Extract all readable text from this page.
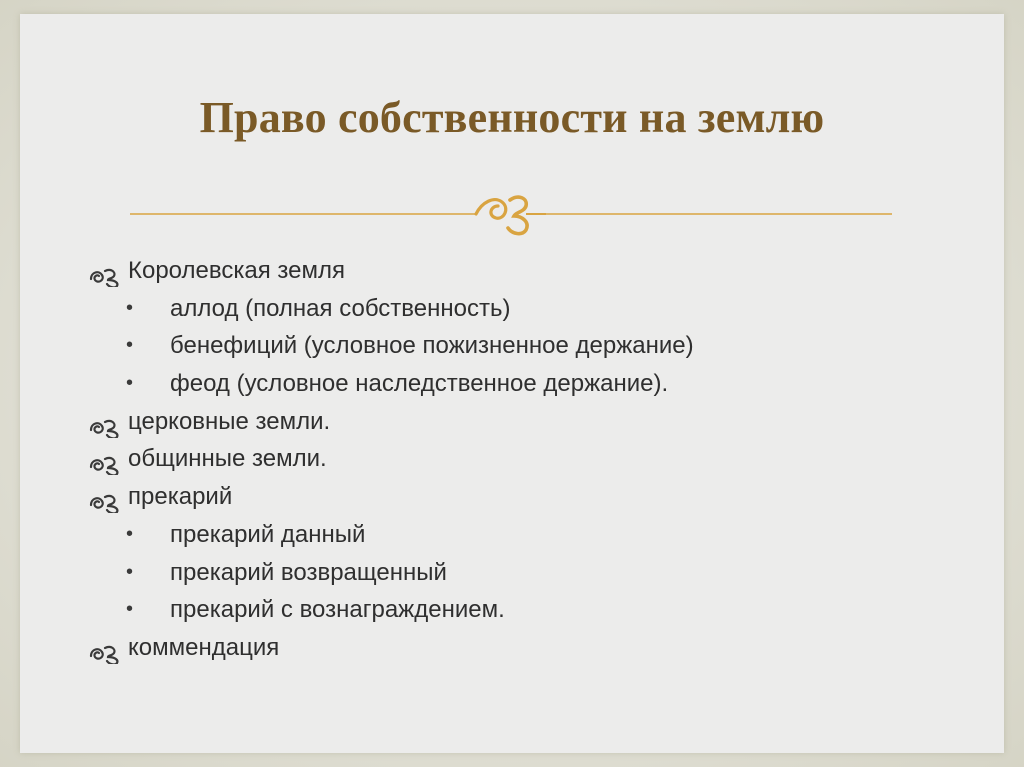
Право собственности на землю
Королевская земля
• аллод (полная собственность)
• бенефиций (условное пожизненное держание)
• феод (условное наследственное держание).
церковные земли.
общинные земли.
прекарий
• прекарий данный
• прекарий возвращенный
• прекарий с вознаграждением.
коммендация
